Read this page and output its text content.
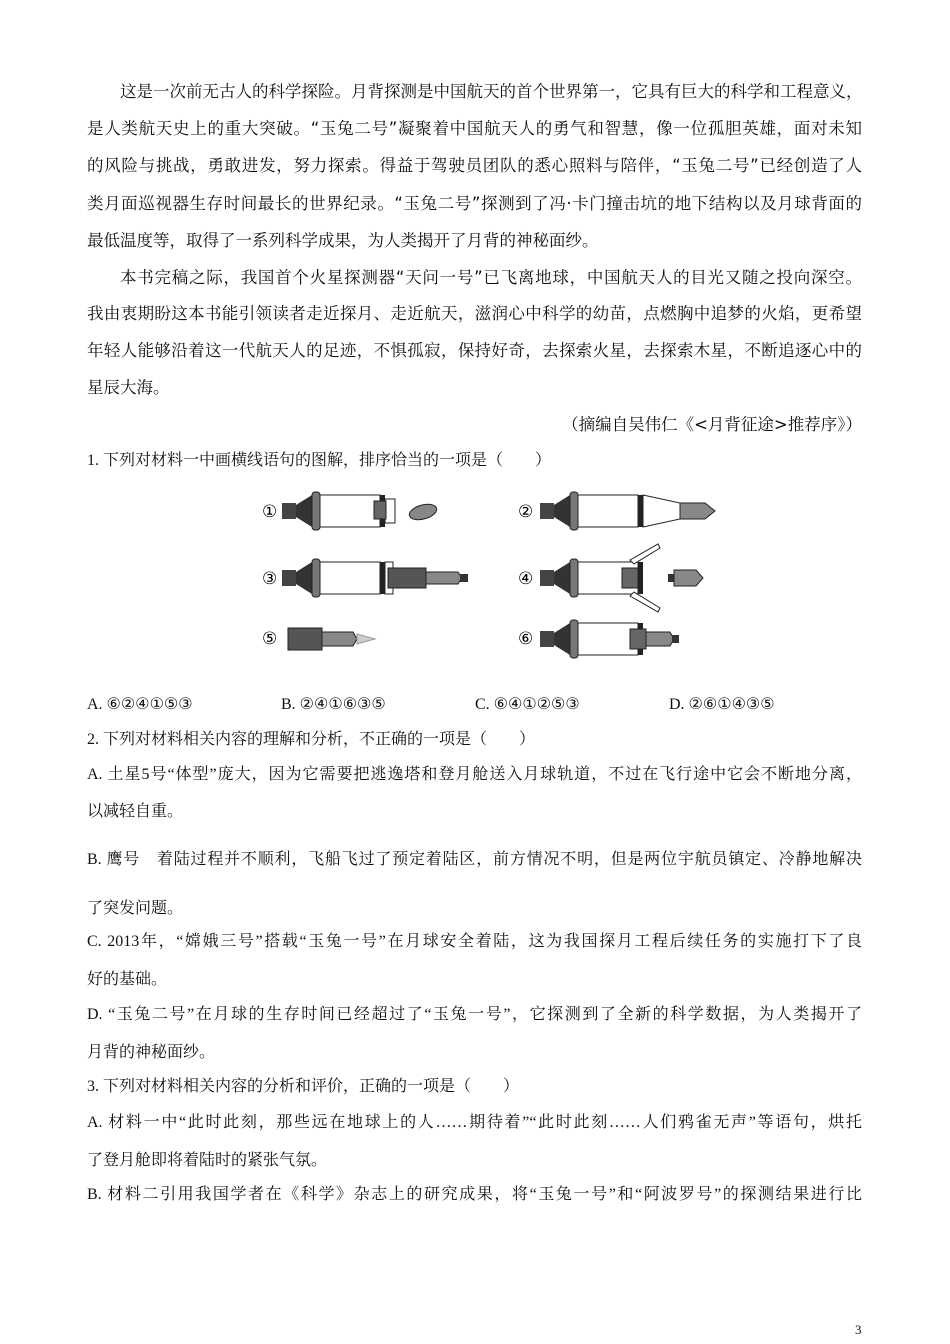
这是一次前无古人的科学探险。月背探测是中国航天的首个世界第一，它具有巨大的科学和工程意义，
是人类航天史上的重大突破。“玉兔二号”凝聚着中国航天人的勇气和智慧，像一位孤胆英雄，面对未知
的风险与挑战，勇敢进发，努力探索。得益于驾驶员团队的悉心照料与陪伴，“玉兔二号”已经创造了人
类月面巡视器生存时间最长的世界纪录。“玉兔二号”探测到了冯·卡门撞击坑的地下结构以及月球背面的
最低温度等，取得了一系列科学成果，为人类揭开了月背的神秘面纱。
本书完稿之际，我国首个火星探测器“天问一号”已飞离地球，中国航天人的目光又随之投向深空。
我由衷期盼这本书能引领读者走近探月、走近航天，滋润心中科学的幼苗，点燃胸中追梦的火焰，更希望
年轻人能够沿着这一代航天人的足迹，不惧孤寂，保持好奇，去探索火星，去探索木星，不断追逐心中的
星辰大海。
（摘编自吴伟仁《<月背征途>推荐序》）
1. 下列对材料一中画横线语句的图解，排序恰当的一项是（　　）
①	②
③	④
⑤	⑥
A. ⑥②④①⑤③	B. ②④①⑥③⑤	C. ⑥④①②⑤③	D. ②⑥①④③⑤
2. 下列对材料相关内容的理解和分析，不正确的一项是（　　）
A. 土星5号“体型”庞大，因为它需要把逃逸塔和登月舱送入月球轨道，不过在飞行途中它会不断地分离，
以减轻自重。
B. 鹰号　着陆过程并不顺利，飞船飞过了预定着陆区，前方情况不明，但是两位宇航员镇定、冷静地解决
了突发问题。
C. 2013年，“嫦娥三号”搭载“玉兔一号”在月球安全着陆，这为我国探月工程后续任务的实施打下了良
好的基础。
D. “玉兔二号”在月球的生存时间已经超过了“玉兔一号”，它探测到了全新的科学数据，为人类揭开了
月背的神秘面纱。
3. 下列对材料相关内容的分析和评价，正确的一项是（　　）
A. 材料一中“此时此刻，那些远在地球上的人……期待着”“此时此刻……人们鸦雀无声”等语句，烘托
了登月舱即将着陆时的紧张气氛。
B. 材料二引用我国学者在《科学》杂志上的研究成果，将“玉兔一号”和“阿波罗号”的探测结果进行比
3
